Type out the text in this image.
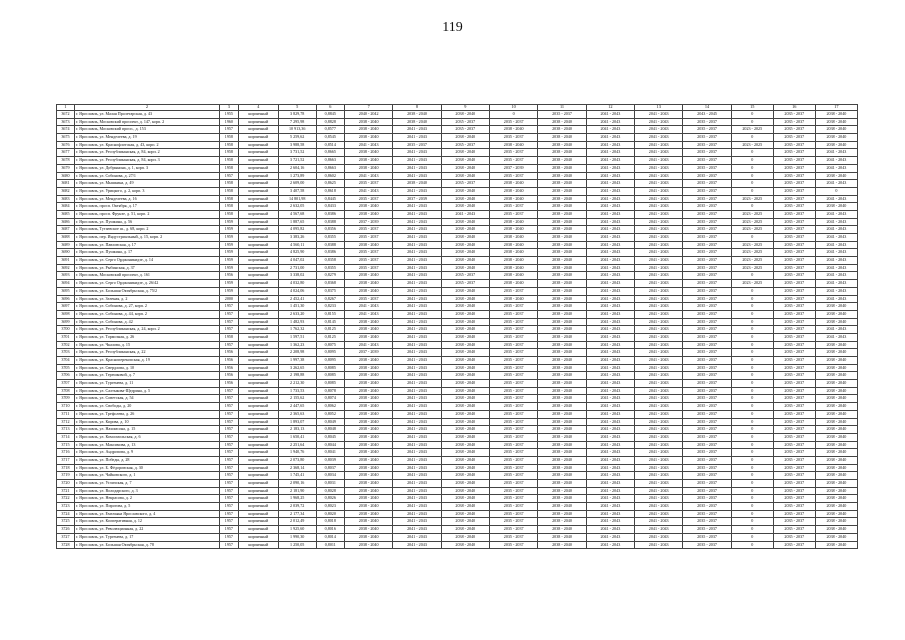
119
1	2	3	4	5	6	7	8	9	10	11	12	13	14	15	16	17
3672	г. Ярославль, ул. Малая Пролетарская, д. 43	1955	кирпичный	3 829,78	0,8845	2040 - 2042	2038 - 2040	2038 - 2040	0	2035 - 2037	2041 - 2043	2041 - 2043	2043 - 2045	0	2035 - 2037	2038 - 2040
3673	г. Ярославль, Московский проспект, д. 147, корп. 2	1960	кирпичный	7 295,98	0,8828	2038 - 2040	2038 - 2040	2035 - 2037	2035 - 2037	2038 - 2040	2041 - 2043	2041 - 2043	2035 - 2037	0	2035 - 2037	2038 - 2040
3674	г. Ярославль, Московский просп., д. 153	1957	кирпичный	10 913,36	0,8577	2038 - 2040	2041 - 2043	2035 - 2037	2038 - 2040	2038 - 2040	2041 - 2043	2041 - 2043	2035 - 2037	2023 - 2025	2035 - 2037	2038 - 2040
3675	г. Ярославль, ул. Менделеева, д. 19	1958	кирпичный	5 259,62	0,8545	2038 - 2040	2041 - 2043	2038 - 2040	2035 - 2037	2038 - 2040	2041 - 2043	2041 - 2043	2035 - 2037	0	2035 - 2037	2038 - 2040
3676	г. Ярославль, ул. Краснофлотская, д. 43, корп. 2	1958	кирпичный	3 988,58	0,8514	2041 - 2043	2035 - 2037	2035 - 2037	2038 - 2040	2038 - 2040	2041 - 2043	2041 - 2043	2035 - 2037	2023 - 2025	2035 - 2037	2038 - 2040
3677	г. Ярославль, ул. Республиканская, д. 84, корп. 2	1958	кирпичный	3 731,52	0,8665	2038 - 2040	2041 - 2043	2038 - 2040	2035 - 2037	2038 - 2040	2041 - 2043	2041 - 2043	2035 - 2037	0	2035 - 2037	2041 - 2043
3678	г. Ярославль, ул. Республиканская, д. 84, корп. 3	1958	кирпичный	3 721,52	0,8663	2038 - 2040	2041 - 2043	2038 - 2040	2035 - 2037	2038 - 2040	2041 - 2043	2041 - 2043	2035 - 2037	0	2035 - 2037	2041 - 2043
3679	г. Ярославль, ул. Добрынина, д. 1, корп. 3	1958	кирпичный	2 604,16	0,8663	2038 - 2040	2041 - 2043	2038 - 2040	2037 - 2039	2038 - 2040	2041 - 2043	2041 - 2043	2035 - 2037	0	2035 - 2037	2041 - 2043
3680	г. Ярославль, ул. Собинова, д. 27/1	1957	кирпичный	1 273,89	0,8602	2041 - 2043	2041 - 2043	2038 - 2040	2035 - 2037	2038 - 2040	2041 - 2043	2041 - 2043	2035 - 2037	0	2035 - 2037	2038 - 2040
3681	г. Ярославль, ул. Мышкина, д. 49	1958	кирпичный	2 609,00	0,8625	2035 - 2037	2038 - 2040	2035 - 2037	2038 - 2040	2038 - 2040	2041 - 2043	2041 - 2043	2035 - 2037	0	2035 - 2037	2041 - 2043
3682	г. Ярославль, ул. Урицкого, д. 2, корп. 3	1958	кирпичный	3 407,58	0,8618	2041 - 2043	2041 - 2043	2038 - 2040	2038 - 2040	2038 - 2040	2041 - 2043	2041 - 2043	2035 - 2037	0	2035 - 2037	0
3683	г. Ярославль, ул. Менделеева, д. 16	1958	кирпичный	14 801,98	0,8445	2035 - 2037	2037 - 2039	2038 - 2040	2038 - 2040	2038 - 2040	2041 - 2043	2041 - 2043	2035 - 2037	2023 - 2025	2035 - 2037	2041 - 2043
3684	г. Ярославль, просп. Октября, д. 17	1958	кирпичный	2 632,05	0,8433	2038 - 2040	2041 - 2043	2038 - 2040	2035 - 2037	2038 - 2040	2041 - 2043	2041 - 2043	2035 - 2037	0	2035 - 2037	2038 - 2040
3685	г. Ярославль, просп. Фрунзе, д. 51, корп. 2	1958	кирпичный	4 567,68	0,8386	2038 - 2040	2041 - 2043	2041 - 2043	2035 - 2037	2038 - 2040	2041 - 2043	2041 - 2043	2035 - 2037	2023 - 2025	2035 - 2037	2041 - 2043
3686	г. Ярославль, ул. Пушкина, д. 56	1959	кирпичный	1 887,65	0,8388	2037 - 2039	2041 - 2043	2038 - 2040	2038 - 2040	2038 - 2040	2041 - 2043	2041 - 2043	2035 - 2037	2023 - 2025	2035 - 2037	2041 - 2043
3687	г. Ярославль, Тутаевское ш., д. 68, корп. 2	1959	кирпичный	4 095,82	0,8356	2035 - 2037	2041 - 2043	2038 - 2040	2038 - 2040	2038 - 2040	2041 - 2043	2041 - 2043	2035 - 2037	2023 - 2025	2035 - 2037	2041 - 2043
3688	г. Ярославль, пер. Индустриальный, д. 15, корп. 2	1959	кирпичный	3 383,26	0,8355	2035 - 2037	2041 - 2043	2038 - 2040	2038 - 2040	2038 - 2040	2041 - 2043	2041 - 2043	2035 - 2037	0	2035 - 2037	2041 - 2043
3689	г. Ярославль, ул. Павловская, д. 17	1959	кирпичный	4 560,11	0,8388	2038 - 2040	2041 - 2043	2038 - 2040	2038 - 2040	2038 - 2040	2041 - 2043	2041 - 2043	2035 - 2037	2023 - 2025	2035 - 2037	2041 - 2043
3690	г. Ярославль, ул. Пушкина, д. 17	1959	кирпичный	4 825,90	0,8386	2035 - 2037	2041 - 2043	2038 - 2040	2038 - 2040	2038 - 2040	2041 - 2043	2041 - 2043	2035 - 2037	2023 - 2025	2035 - 2037	2041 - 2043
3691	г. Ярославль, ул. Серго Орджоникидзе, д. 14	1959	кирпичный	4 047,02	0,8358	2035 - 2037	2041 - 2043	2038 - 2040	2038 - 2040	2038 - 2040	2041 - 2043	2041 - 2043	2035 - 2037	2023 - 2025	2035 - 2037	2041 - 2043
3692	г. Ярославль, ул. Рыбинская, д. 37	1959	кирпичный	2 731,00	0,8355	2035 - 2037	2041 - 2043	2038 - 2040	2038 - 2040	2038 - 2040	2041 - 2043	2041 - 2043	2035 - 2037	2023 - 2025	2035 - 2037	2041 - 2043
3693	г. Ярославль, Московский проспект, д. 161	1956	кирпичный	3 338,02	0,8279	2038 - 2040	2041 - 2043	2035 - 2037	2038 - 2040	2038 - 2040	2041 - 2043	2041 - 2043	2035 - 2037	0	2035 - 2037	2041 - 2043
3694	г. Ярославль, ул. Серго Орджоникидзе, д. 26/42	1959	кирпичный	4 032,80	0,8368	2038 - 2040	2041 - 2043	2035 - 2037	2038 - 2040	2038 - 2040	2041 - 2043	2041 - 2043	2035 - 2037	2023 - 2025	2035 - 2037	2041 - 2043
3695	г. Ярославль, ул. Большая Октябрьская, д. 75/2	1959	кирпичный	4 024,06	0,8375	2038 - 2040	2041 - 2043	2038 - 2040	2035 - 2037	2038 - 2040	2041 - 2043	2041 - 2043	2035 - 2037	0	2035 - 2037	2041 - 2043
3696	г. Ярославль, ул. Зеленая, д. 2	2000	кирпичный	2 452,41	0,8267	2035 - 2037	2041 - 2043	2038 - 2040	2038 - 2040	2038 - 2040	2041 - 2043	2041 - 2043	2035 - 2037	0	2035 - 2037	2041 - 2043
3697	г. Ярославль, ул. Собинова, д. 27, корп. 2	1957	кирпичный	1 451,30	0,8233	2041 - 2043	2041 - 2043	2038 - 2040	2035 - 2037	2038 - 2040	2041 - 2043	2041 - 2043	2035 - 2037	0	2035 - 2037	2038 - 2040
3698	г. Ярославль, ул. Собинова, д. 44, корп. 2	1957	кирпичный	2 633,20	0,8155	2041 - 2043	2041 - 2043	2038 - 2040	2035 - 2037	2038 - 2040	2041 - 2043	2041 - 2043	2035 - 2037	0	2035 - 2037	2038 - 2040
3699	г. Ярославль, ул. Собинова, д. 42	1957	кирпичный	1 482,93	0,8145	2038 - 2040	2041 - 2043	2038 - 2040	2035 - 2037	2038 - 2040	2041 - 2043	2041 - 2043	2035 - 2037	0	2035 - 2037	2038 - 2040
3700	г. Ярославль, ул. Республиканская, д. 24, корп. 2	1957	кирпичный	1 762,32	0,8125	2038 - 2040	2041 - 2043	2038 - 2040	2035 - 2037	2038 - 2040	2041 - 2043	2041 - 2043	2035 - 2037	0	2035 - 2037	2041 - 2043
3701	г. Ярославль, ул. Тормозная, д. 26	1958	кирпичный	1 597,51	0,8125	2038 - 2040	2041 - 2043	2038 - 2040	2035 - 2037	2038 - 2040	2041 - 2043	2041 - 2043	2035 - 2037	0	2035 - 2037	2041 - 2043
3702	г. Ярославль, ул. Чкалова, д. 15	1957	кирпичный	1 362,23	0,8075	2041 - 2043	2041 - 2043	2038 - 2040	2035 - 2037	2038 - 2040	2041 - 2043	2041 - 2043	2035 - 2037	0	2035 - 2037	2038 - 2040
3703	г. Ярославль, ул. Республиканская, д. 22	1956	кирпичный	2 208,98	0,8095	2037 - 2039	2041 - 2043	2038 - 2040	2035 - 2037	2038 - 2040	2041 - 2043	2041 - 2043	2035 - 2037	0	2035 - 2037	2038 - 2040
3704	г. Ярославль, ул. Красноперекопская, д. 19	1956	кирпичный	1 997,38	0,8095	2038 - 2040	2041 - 2043	2038 - 2040	2035 - 2037	2038 - 2040	2041 - 2043	2041 - 2043	2035 - 2037	0	2035 - 2037	2038 - 2040
3705	г. Ярославль, ул. Свердлова, д. 10	1956	кирпичный	3 262,65	0,8085	2038 - 2040	2041 - 2043	2038 - 2040	2035 - 2037	2038 - 2040	2041 - 2043	2041 - 2043	2035 - 2037	0	2035 - 2037	2038 - 2040
3706	г. Ярославль, ул. Терешковой, д. 7	1956	кирпичный	2 198,88	0,8085	2038 - 2040	2041 - 2043	2038 - 2040	2035 - 2037	2038 - 2040	2041 - 2043	2041 - 2043	2035 - 2037	0	2035 - 2037	2038 - 2040
3707	г. Ярославль, ул. Тургенева, д. 11	1956	кирпичный	2 212,30	0,8085	2038 - 2040	2041 - 2043	2038 - 2040	2035 - 2037	2038 - 2040	2041 - 2043	2041 - 2043	2035 - 2037	0	2035 - 2037	2038 - 2040
3708	г. Ярославль, ул. Салтыкова-Щедрина, д. 5	1957	кирпичный	1 733,53	0,8078	2038 - 2040	2041 - 2043	2038 - 2040	2035 - 2037	2038 - 2040	2041 - 2043	2041 - 2043	2035 - 2037	0	2035 - 2037	2038 - 2040
3709	г. Ярославль, ул. Советская, д. 54	1957	кирпичный	2 155,62	0,8074	2038 - 2040	2041 - 2043	2038 - 2040	2035 - 2037	2038 - 2040	2041 - 2043	2041 - 2043	2035 - 2037	0	2035 - 2037	2038 - 2040
3710	г. Ярославль, ул. Свободы, д. 20	1957	кирпичный	2 447,65	0,8062	2038 - 2040	2041 - 2043	2038 - 2040	2035 - 2037	2038 - 2040	2041 - 2043	2041 - 2043	2035 - 2037	0	2035 - 2037	2038 - 2040
3711	г. Ярославль, ул. Трефолева, д. 26	1957	кирпичный	2 365,63	0,8052	2038 - 2040	2041 - 2043	2038 - 2040	2035 - 2037	2038 - 2040	2041 - 2043	2041 - 2043	2035 - 2037	0	2035 - 2037	2038 - 2040
3712	г. Ярославль, ул. Кирова, д. 10	1957	кирпичный	1 893,07	0,8049	2038 - 2040	2041 - 2043	2038 - 2040	2035 - 2037	2038 - 2040	2041 - 2043	2041 - 2043	2035 - 2037	0	2035 - 2037	2038 - 2040
3713	г. Ярославль, ул. Нахимсона, д. 15	1957	кирпичный	2 183,13	0,8048	2038 - 2040	2041 - 2043	2038 - 2040	2035 - 2037	2038 - 2040	2041 - 2043	2041 - 2043	2035 - 2037	0	2035 - 2037	2038 - 2040
3714	г. Ярославль, ул. Комсомольская, д. 6	1957	кирпичный	1 650,41	0,8045	2038 - 2040	2041 - 2043	2038 - 2040	2035 - 2037	2038 - 2040	2041 - 2043	2041 - 2043	2035 - 2037	0	2035 - 2037	2038 - 2040
3715	г. Ярославль, ул. Максимова, д. 13	1957	кирпичный	2 251,64	0,8044	2038 - 2040	2041 - 2043	2038 - 2040	2035 - 2037	2038 - 2040	2041 - 2043	2041 - 2043	2035 - 2037	0	2035 - 2037	2038 - 2040
3716	г. Ярославль, ул. Андропова, д. 9	1957	кирпичный	1 940,76	0,8041	2038 - 2040	2041 - 2043	2038 - 2040	2035 - 2037	2038 - 2040	2041 - 2043	2041 - 2043	2035 - 2037	0	2035 - 2037	2038 - 2040
3717	г. Ярославль, ул. Победы, д. 28	1957	кирпичный	2 073,80	0,8039	2038 - 2040	2041 - 2043	2038 - 2040	2035 - 2037	2038 - 2040	2041 - 2043	2041 - 2043	2035 - 2037	0	2035 - 2037	2038 - 2040
3718	г. Ярославль, ул. Б. Фёдоровская, д. 30	1957	кирпичный	2 368,14	0,8037	2038 - 2040	2041 - 2043	2038 - 2040	2035 - 2037	2038 - 2040	2041 - 2043	2041 - 2043	2035 - 2037	0	2035 - 2037	2038 - 2040
3719	г. Ярославль, ул. Чайковского, д. 1	1957	кирпичный	1 745,41	0,8034	2038 - 2040	2041 - 2043	2038 - 2040	2035 - 2037	2038 - 2040	2041 - 2043	2041 - 2043	2035 - 2037	0	2035 - 2037	2038 - 2040
3720	г. Ярославль, ул. Угличская, д. 7	1957	кирпичный	2 090,16	0,8031	2038 - 2040	2041 - 2043	2038 - 2040	2035 - 2037	2038 - 2040	2041 - 2043	2041 - 2043	2035 - 2037	0	2035 - 2037	2038 - 2040
3721	г. Ярославль, ул. Володарского, д. 3	1957	кирпичный	2 181,90	0,8028	2038 - 2040	2041 - 2043	2038 - 2040	2035 - 2037	2038 - 2040	2041 - 2043	2041 - 2043	2035 - 2037	0	2035 - 2037	2038 - 2040
3722	г. Ярославль, ул. Некрасова, д. 2	1957	кирпичный	1 968,25	0,8026	2038 - 2040	2041 - 2043	2038 - 2040	2035 - 2037	2038 - 2040	2041 - 2043	2041 - 2043	2035 - 2037	0	2035 - 2037	2038 - 2040
3723	г. Ярославль, ул. Пирогова, д. 5	1957	кирпичный	2 039,72	0,8023	2038 - 2040	2041 - 2043	2038 - 2040	2035 - 2037	2038 - 2040	2041 - 2043	2041 - 2043	2035 - 2037	0	2035 - 2037	2038 - 2040
3724	г. Ярославль, ул. Емельяна Ярославского, д. 4	1957	кирпичный	2 177,34	0,8020	2038 - 2040	2041 - 2043	2038 - 2040	2035 - 2037	2038 - 2040	2041 - 2043	2041 - 2043	2035 - 2037	0	2035 - 2037	2038 - 2040
3725	г. Ярославль, ул. Кооперативная, д. 12	1957	кирпичный	2 012,49	0,8018	2038 - 2040	2041 - 2043	2038 - 2040	2035 - 2037	2038 - 2040	2041 - 2043	2041 - 2043	2035 - 2037	0	2035 - 2037	2038 - 2040
3726	г. Ярославль, ул. Революционная, д. 22	1957	кирпичный	1 925,60	0,8016	2038 - 2040	2041 - 2043	2038 - 2040	2035 - 2037	2038 - 2040	2041 - 2043	2041 - 2043	2035 - 2037	0	2035 - 2037	2038 - 2040
3727	г. Ярославль, ул. Тургенева, д. 17	1957	кирпичный	1 990,30	0,8014	2038 - 2040	2041 - 2043	2038 - 2040	2035 - 2037	2038 - 2040	2041 - 2043	2041 - 2043	2035 - 2037	0	2035 - 2037	2038 - 2040
3728	г. Ярославль, ул. Большая Октябрьская, д. 78	1957	кирпичный	1 250,05	0,8011	2038 - 2040	2041 - 2043	2038 - 2040	2035 - 2037	2038 - 2040	2041 - 2043	2041 - 2043	2035 - 2037	0	2035 - 2037	2038 - 2040
